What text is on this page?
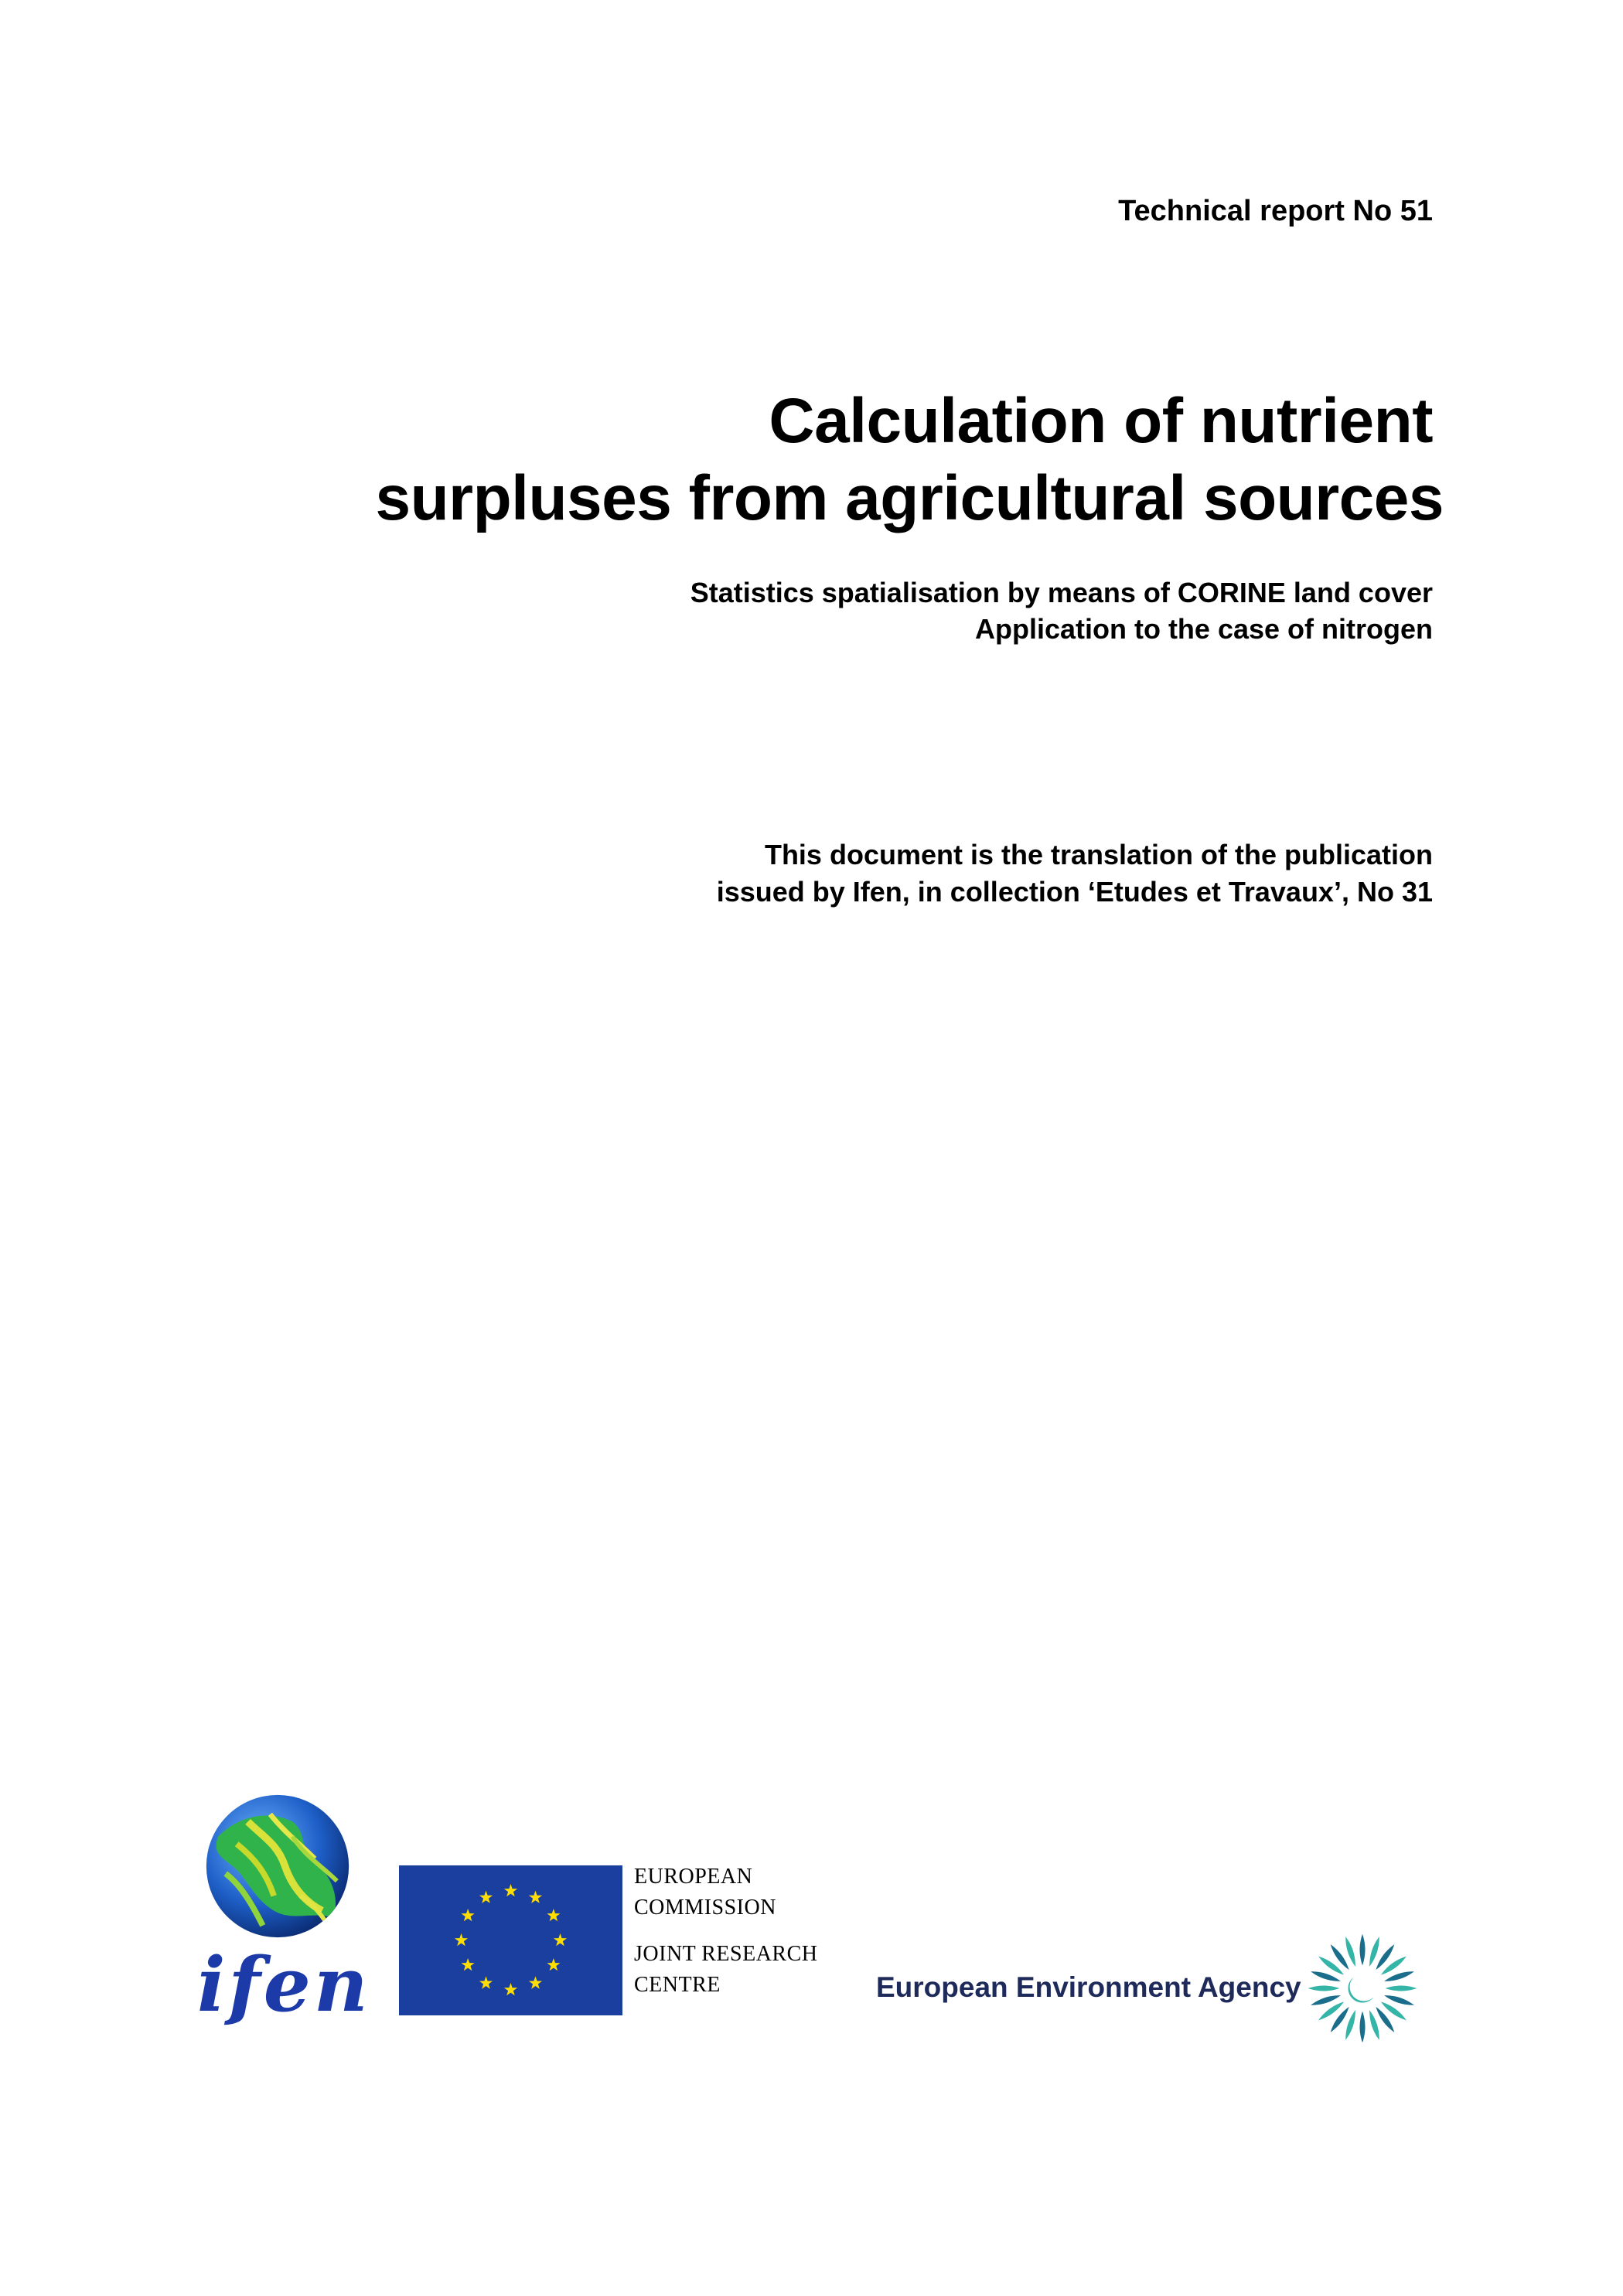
Technical report No 51
Calculation of nutrient
surpluses from agricultural sources
Statistics spatialisation by means of CORINE land cover
Application to the case of nitrogen
This document is the translation of the publication
issued by Ifen, in collection ‘Etudes et Travaux’, No 31
ifen
EUROPEAN
COMMISSION
JOINT RESEARCH
CENTRE	European Environment Agency
